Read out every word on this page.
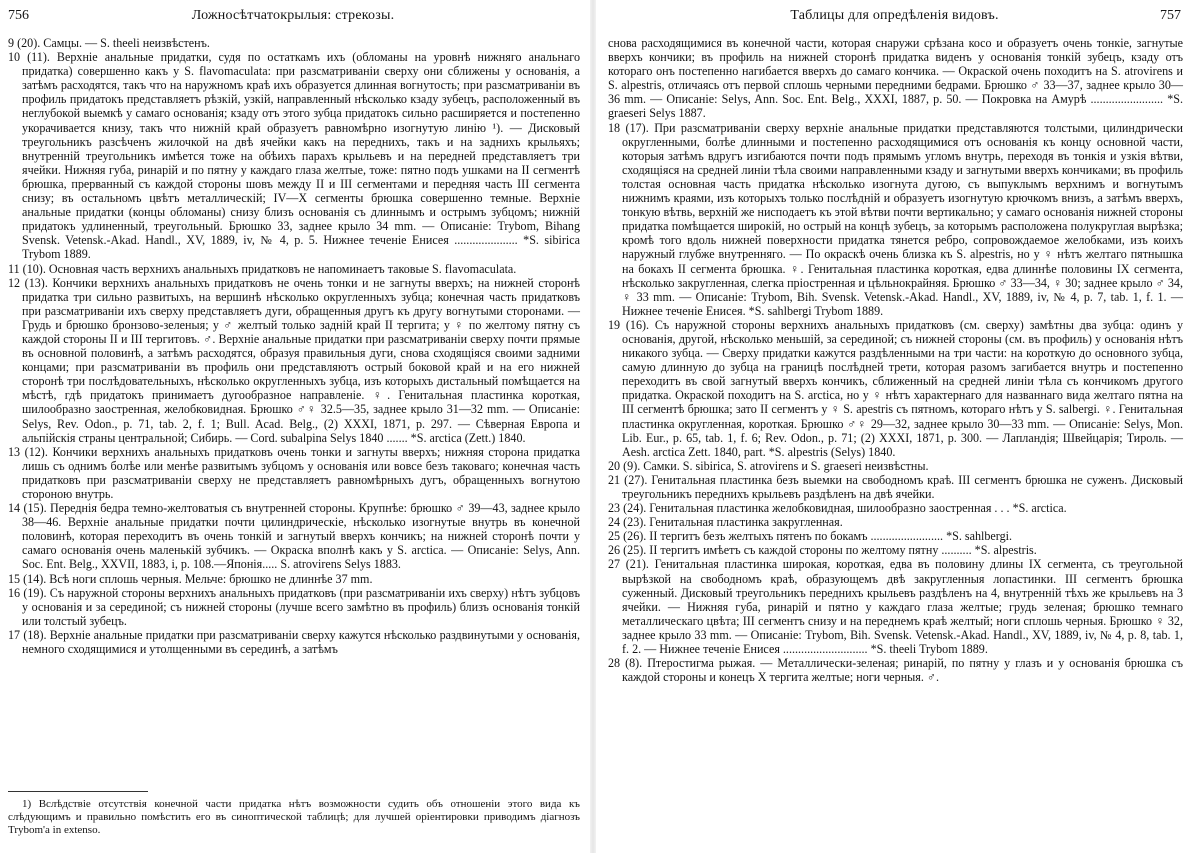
756	Ложносѣтчатокрылыя: стрекозы.

9 (20). Самцы. — S. theeli неизвѣстенъ.

10 (11). Верхніе анальные придатки, судя по остаткамъ ихъ (обломаны на уровнѣ нижняго анальнаго придатка) совершенно какъ у S. flavomaculata: при разсматриваніи сверху они сближены у основанія, а затѣмъ расходятся, такъ что на наружномъ краѣ ихъ образуется длинная вогнутость; при разсматриваніи въ профиль придатокъ представляетъ рѣзкій, узкій, направленный нѣсколько кзаду зубецъ, расположенный въ неглубокой выемкѣ у самаго основанія; кзаду отъ этого зубца придатокъ сильно расширяется и постепенно укорачивается книзу, такъ что нижній край образуетъ равномѣрно изогнутую линію ¹). — Дисковый треугольникъ разсѣченъ жилочкой на двѣ ячейки какъ на переднихъ, такъ и на заднихъ крыльяхъ; внутренній треугольникъ имѣется тоже на обѣихъ парахъ крыльевъ и на передней представляетъ три ячейки. Нижняя губа, ринарій и по пятну у каждаго глаза желтые, тоже: пятно подъ ушками на II сегментѣ брюшка, прерванный съ каждой стороны шовъ между II и III сегментами и передняя часть III сегмента снизу; въ остальномъ цвѣтъ металлическій; IV—X сегменты брюшка совершенно темные. Верхніе анальные придатки (концы обломаны) снизу близъ основанія съ длиннымъ и острымъ зубцомъ; нижній придатокъ удлиненный, треугольный. Брюшко 33, заднее крыло 34 mm. — Описаніе: Trybom, Bihang Svensk. Vetensk.-Akad. Handl., XV, 1889, iv, № 4, p. 5. Нижнее теченіе Енисея ..................... *S. sibirica Trybom 1889.

11 (10). Основная часть верхнихъ анальныхъ придатковъ не напоминаетъ таковые S. flavomaculata.

12 (13). Кончики верхнихъ анальныхъ придатковъ не очень тонки и не загнуты вверхъ; на нижней сторонѣ придатка три сильно развитыхъ, на вершинѣ нѣсколько округленныхъ зубца; конечная часть придатковъ при разсматриваніи ихъ сверху представляетъ дуги, обращенныя другъ къ другу вогнутыми сторонами. — Грудь и брюшко бронзово-зеленыя; у ♂ желтый только задній край II тергита; у ♀ по желтому пятну съ каждой стороны II и III тергитовъ. ♂. Верхніе анальные придатки при разсматриваніи сверху почти прямые въ основной половинѣ, а затѣмъ расходятся, образуя правильныя дуги, снова сходящіяся своими задними концами; при разсматриваніи въ профиль они представляютъ острый боковой край и на его нижней сторонѣ три послѣдовательныхъ, нѣсколько округленныхъ зубца, изъ которыхъ дистальный помѣщается на мѣстѣ, гдѣ придатокъ принимаетъ дугообразное направленіе. ♀. Генитальная пластинка короткая, шилообразно заостренная, желобковидная. Брюшко ♂♀ 32.5—35, заднее крыло 31—32 mm. — Описаніе: Selys, Rev. Odon., p. 71, tab. 2, f. 1; Bull. Acad. Belg., (2) XXXI, 1871, p. 297. — Сѣверная Европа и альпійскія страны центральной; Сибирь. — Cord. subalpina Selys 1840 ....... *S. arctica (Zett.) 1840.

13 (12). Кончики верхнихъ анальныхъ придатковъ очень тонки и загнуты вверхъ; нижняя сторона придатка лишь съ однимъ болѣе или менѣе развитымъ зубцомъ у основанія или вовсе безъ таковаго; конечная часть придатковъ при разсматриваніи сверху не представляетъ равномѣрныхъ дугъ, обращенныхъ вогнутою стороною внутрь.

14 (15). Переднія бедра темно-желтоватыя съ внутренней стороны. Крупнѣе: брюшко ♂ 39—43, заднее крыло 38—46. Верхніе анальные придатки почти цилиндрическіе, нѣсколько изогнутые внутрь въ конечной половинѣ, которая переходитъ въ очень тонкій и загнутый вверхъ кончикъ; на нижней сторонѣ почти у самаго основанія очень маленькій зубчикъ. — Окраска вполнѣ какъ у S. arctica. — Описаніе: Selys, Ann. Soc. Ent. Belg., XXVII, 1883, i, p. 108.—Японія..... S. atrovirens Selys 1883.

15 (14). Всѣ ноги сплошь черныя. Мельче: брюшко не длиннѣе 37 mm.

16 (19). Съ наружной стороны верхнихъ анальныхъ придатковъ (при разсматриваніи ихъ сверху) нѣтъ зубцовъ у основанія и за серединой; съ нижней стороны (лучше всего замѣтно въ профиль) близъ основанія тонкій или толстый зубецъ.

17 (18). Верхніе анальные придатки при разсматриваніи сверху кажутся нѣсколько раздвинутыми у основанія, немного сходящимися и утолщенными въ серединѣ, а затѣмъ

1) Вслѣдствіе отсутствія конечной части придатка нѣтъ возможности судить объ отношеніи этого вида къ слѣдующимъ и правильно помѣстить его въ синоптической таблицѣ; для лучшей оріентировки приводимъ діагнозъ Trybom'а in extenso.
Таблицы для опредѣленія видовъ.	757

снова расходящимися въ конечной части, которая снаружи срѣзана косо и образуетъ очень тонкіе, загнутые вверхъ кончики; въ профиль на нижней сторонѣ придатка виденъ у основанія тонкій зубецъ, кзаду отъ котораго онъ постепенно нагибается вверхъ до самаго кончика. — Окраской очень походитъ на S. atrovirens и S. alpestris, отличаясь отъ первой сплошь черными передними бедрами. Брюшко ♂ 33—37, заднее крыло 30—36 mm. — Описаніе: Selys, Ann. Soc. Ent. Belg., XXXI, 1887, p. 50. — Покровка на Амурѣ ........................ *S. graeseri Selys 1887.

18 (17). При разсматриваніи сверху верхніе анальные придатки представляются толстыми, цилиндрически округленными, болѣе длинными и постепенно расходящимися отъ основанія къ концу основной части, которыя затѣмъ вдругъ изгибаются почти подъ прямымъ угломъ внутрь, переходя въ тонкія и узкія вѣтви, сходящіяся на средней линіи тѣла своими направленными кзаду и загнутыми вверхъ кончиками; въ профиль толстая основная часть придатка нѣсколько изогнута дугою, съ выпуклымъ верхнимъ и вогнутымъ нижнимъ краями, изъ которыхъ только послѣдній и образуетъ изогнутую крючкомъ внизъ, а затѣмъ вверхъ, тонкую вѣтвь, верхній же нисподаетъ къ этой вѣтви почти вертикально; у самаго основанія нижней стороны придатка помѣщается широкій, но острый на концѣ зубецъ, за которымъ расположена полукруглая вырѣзка; кромѣ того вдоль нижней поверхности придатка тянется ребро, сопровождаемое желобками, изъ коихъ наружный глубже внутренняго. — По окраскѣ очень близка къ S. alpestris, но у ♀ нѣтъ желтаго пятнышка на бокахъ II сегмента брюшка. ♀. Генитальная пластинка короткая, едва длиннѣе половины IX сегмента, нѣсколько закругленная, слегка пріостренная и цѣльнокрайняя. Брюшко ♂ 33—34, ♀ 30; заднее крыло ♂ 34, ♀ 33 mm. — Описаніе: Trybom, Bih. Svensk. Vetensk.-Akad. Handl., XV, 1889, iv, № 4, p. 7, tab. 1, f. 1. — Нижнее теченіе Енисея. *S. sahlbergi Trybom 1889.

19 (16). Съ наружной стороны верхнихъ анальныхъ придатковъ (см. сверху) замѣтны два зубца: одинъ у основанія, другой, нѣсколько меньшій, за серединой; съ нижней стороны (см. въ профиль) у основанія нѣтъ никакого зубца. — Сверху придатки кажутся раздѣленными на три части: на короткую до основного зубца, самую длинную до зубца на границѣ послѣдней трети, которая разомъ загибается внутрь и постепенно переходитъ въ свой загнутый вверхъ кончикъ, сближенный на средней линіи тѣла съ кончикомъ другого придатка. Окраской походитъ на S. arctica, но у ♀ нѣтъ характернаго для названнаго вида желтаго пятна на III сегментѣ брюшка; зато II сегментъ у ♀ S. apestris съ пятномъ, котораго нѣтъ у S. salbergi. ♀. Генитальная пластинка округленная, короткая. Брюшко ♂♀ 29—32, заднее крыло 30—33 mm. — Описаніе: Selys, Mon. Lib. Eur., p. 65, tab. 1, f. 6; Rev. Odon., p. 71; (2) XXXI, 1871, p. 300. — Лапландія; Швейцарія; Тироль. — Aesh. arctica Zett. 1840, part. *S. alpestris (Selys) 1840.

20 (9). Самки. S. sibirica, S. atrovirens и S. graeseri неизвѣстны.

21 (27). Генитальная пластинка безъ выемки на свободномъ краѣ. III сегментъ брюшка не суженъ. Дисковый треугольникъ переднихъ крыльевъ раздѣленъ на двѣ ячейки.

23 (24). Генитальная пластинка желобковидная, шилообразно заостренная . . . *S. arctica.

24 (23). Генитальная пластинка закругленная.

25 (26). II тергитъ безъ желтыхъ пятенъ по бокамъ ........................ *S. sahlbergi.

26 (25). II тергитъ имѣетъ съ каждой стороны по желтому пятну .......... *S. alpestris.

27 (21). Генитальная пластинка широкая, короткая, едва въ половину длины IX сегмента, съ треугольной вырѣзкой на свободномъ краѣ, образующемъ двѣ закругленныя лопастинки. III сегментъ брюшка суженный. Дисковый треугольникъ переднихъ крыльевъ раздѣленъ на 4, внутренній тѣхъ же крыльевъ на 3 ячейки. — Нижняя губа, ринарій и пятно у каждаго глаза желтые; грудь зеленая; брюшко темнаго металлическаго цвѣта; III сегментъ снизу и на переднемъ краѣ желтый; ноги сплошь черныя. Брюшко ♀ 32, заднее крыло 33 mm. — Описаніе: Trybom, Bih. Svensk. Vetensk.-Akad. Handl., XV, 1889, iv, № 4, p. 8, tab. 1, f. 2. — Нижнее теченіе Енисея ............................ *S. theeli Trybom 1889.

28 (8). Птеростигма рыжая. — Металлически-зеленая; ринарій, по пятну у глазъ и у основанія брюшка съ каждой стороны и конецъ X тергита желтые; ноги черныя. ♂.
